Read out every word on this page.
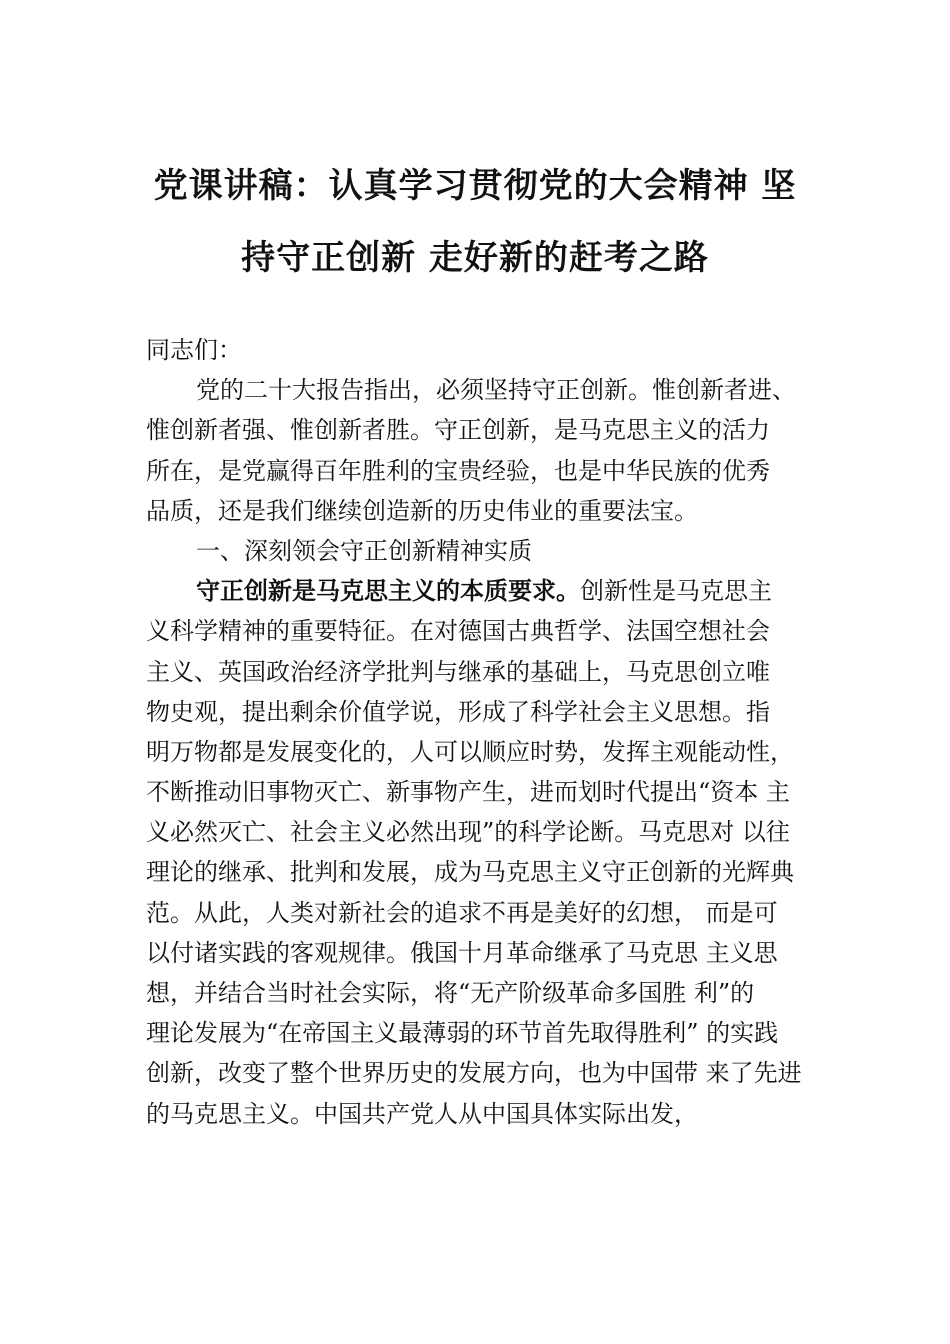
党课讲稿：认真学习贯彻党的大会精神 坚
持守正创新 走好新的赶考之路
同志们：
党的二十大报告指出，必须坚持守正创新。惟创新者进、
惟创新者强、惟创新者胜。守正创新，是马克思主义的活力
所在，是党赢得百年胜利的宝贵经验，也是中华民族的优秀
品质，还是我们继续创造新的历史伟业的重要法宝。
一、深刻领会守正创新精神实质
守正创新是马克思主义的本质要求。创新性是马克思主
义科学精神的重要特征。在对德国古典哲学、法国空想社会
主义、英国政治经济学批判与继承的基础上，马克思创立唯
物史观，提出剩余价值学说，形成了科学社会主义思想。指
明万物都是发展变化的，人可以顺应时势，发挥主观能动性，
不断推动旧事物灭亡、新事物产生，进而划时代提出“资本 主
义必然灭亡、社会主义必然出现”的科学论断。马克思对 以往
理论的继承、批判和发展，成为马克思主义守正创新的光辉典
范。从此，人类对新社会的追求不再是美好的幻想， 而是可
以付诸实践的客观规律。俄国十月革命继承了马克思 主义思
想，并结合当时社会实际，将“无产阶级革命多国胜 利”的
理论发展为“在帝国主义最薄弱的环节首先取得胜利” 的实践
创新，改变了整个世界历史的发展方向，也为中国带 来了先进
的马克思主义。中国共产党人从中国具体实际出发，
